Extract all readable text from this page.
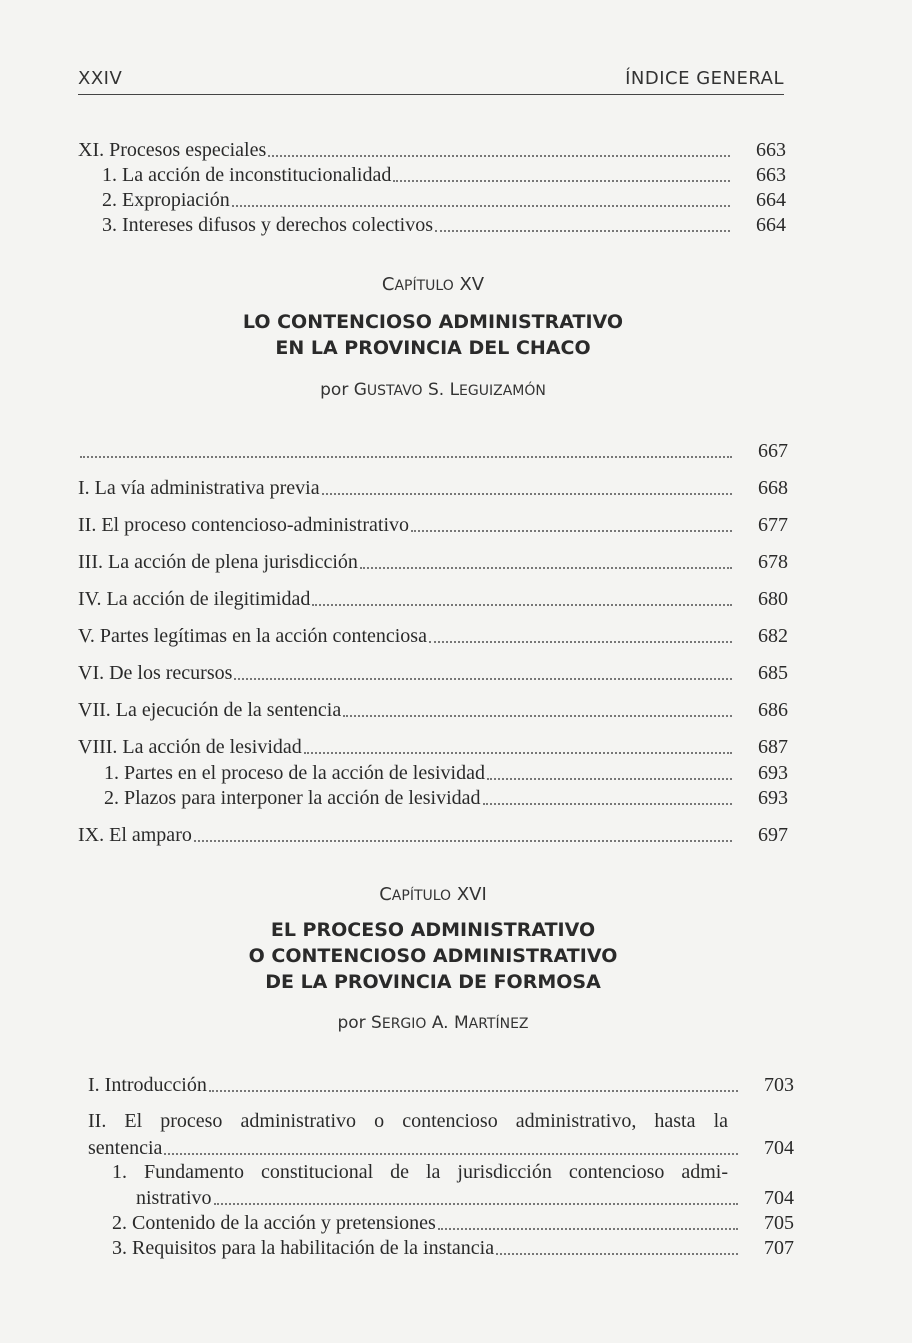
XXIV	ÍNDICE GENERAL
XI. Procesos especiales	663
1. La acción de inconstitucionalidad	663
2. Expropiación	664
3. Intereses difusos y derechos colectivos	664
CAPÍTULO XV
LO CONTENCIOSO ADMINISTRATIVO
EN LA PROVINCIA DEL CHACO
por GUSTAVO S. LEGUIZAMÓN
667
I. La vía administrativa previa	668
II. El proceso contencioso-administrativo	677
III. La acción de plena jurisdicción	678
IV. La acción de ilegitimidad	680
V. Partes legítimas en la acción contenciosa	682
VI. De los recursos	685
VII. La ejecución de la sentencia	686
VIII. La acción de lesividad	687
1. Partes en el proceso de la acción de lesividad	693
2. Plazos para interponer la acción de lesividad	693
IX. El amparo	697
CAPÍTULO XVI
EL PROCESO ADMINISTRATIVO
O CONTENCIOSO ADMINISTRATIVO
DE LA PROVINCIA DE FORMOSA
por SERGIO A. MARTÍNEZ
I. Introducción	703
II. El proceso administrativo o contencioso administrativo, hasta la
sentencia	704
1. Fundamento constitucional de la jurisdicción contencioso admi-
nistrativo	704
2. Contenido de la acción y pretensiones	705
3. Requisitos para la habilitación de la instancia	707
